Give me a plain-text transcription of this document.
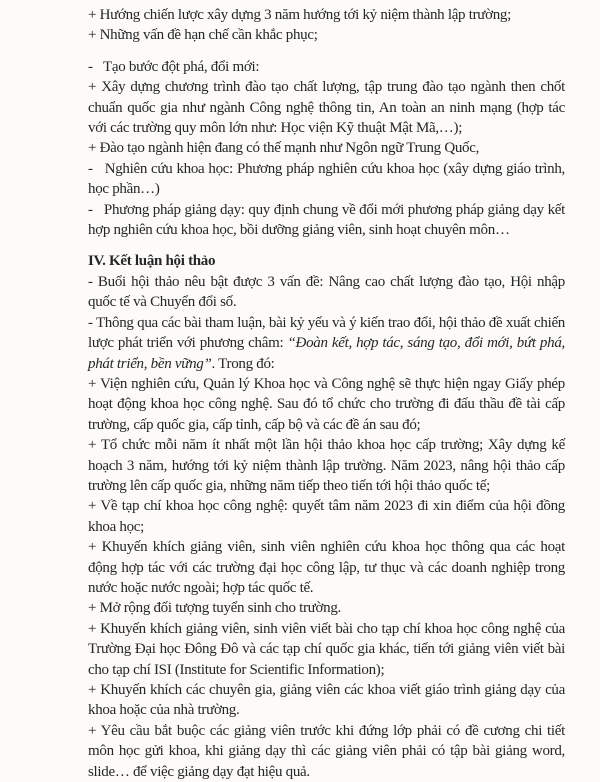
+ Hướng chiến lược xây dựng 3 năm hướng tới kỷ niệm thành lập trường;
+ Những vấn đề hạn chế cần khắc phục;
-   Tạo bước đột phá, đổi mới:
+ Xây dựng chương trình đào tạo chất lượng, tập trung đào tạo ngành then chốt chuẩn quốc gia như ngành Công nghệ thông tin, An toàn an ninh mạng (hợp tác với các trường quy môn lớn như: Học viện Kỹ thuật Mật Mã,…);
+ Đào tạo ngành hiện đang có thế mạnh như Ngôn ngữ Trung Quốc,
-   Nghiên cứu khoa học: Phương pháp nghiên cứu khoa học (xây dựng giáo trình, học phần…)
-   Phương pháp giảng dạy: quy định chung về đổi mới phương pháp giảng dạy kết hợp nghiên cứu khoa học, bồi dưỡng giảng viên, sinh hoạt chuyên môn…
IV. Kết luận hội thảo
- Buổi hội thảo nêu bật được 3 vấn đề: Nâng cao chất lượng đào tạo, Hội nhập quốc tế và Chuyển đổi số.
- Thông qua các bài tham luận, bài kỷ yếu và ý kiến trao đổi, hội thảo đề xuất chiến lược phát triển với phương châm: “Đoàn kết, hợp tác, sáng tạo, đổi mới, bứt phá, phát triển, bền vững”. Trong đó:
+ Viện nghiên cứu, Quản lý Khoa học và Công nghệ sẽ thực hiện ngay Giấy phép hoạt động khoa học công nghệ. Sau đó tổ chức cho trường đi đấu thầu đề tài cấp trường, cấp quốc gia, cấp tỉnh, cấp bộ và các đề án sau đó;
+ Tổ chức mỗi năm ít nhất một lần hội thảo khoa học cấp trường; Xây dựng kế hoạch 3 năm, hướng tới kỷ niệm thành lập trường. Năm 2023, nâng hội thảo cấp trường lên cấp quốc gia, những năm tiếp theo tiến tới hội thảo quốc tế;
+ Về tạp chí khoa học công nghệ: quyết tâm năm 2023 đi xin điểm của hội đồng khoa học;
+ Khuyến khích giảng viên, sinh viên nghiên cứu khoa học thông qua các hoạt động hợp tác với các trường đại học công lập, tư thục và các doanh nghiệp trong nước hoặc nước ngoài; hợp tác quốc tế.
+ Mở rộng đối tượng tuyển sinh cho trường.
+ Khuyến khích giảng viên, sinh viên viết bài cho tạp chí khoa học công nghệ của Trường Đại học Đông Đô và các tạp chí quốc gia khác, tiến tới giảng viên viết bài cho tạp chí ISI (Institute for Scientific Information);
+ Khuyến khích các chuyên gia, giảng viên các khoa viết giáo trình giảng dạy của khoa hoặc của nhà trường.
+ Yêu cầu bắt buộc các giảng viên trước khi đứng lớp phải có đề cương chi tiết môn học gửi khoa, khi giảng dạy thì các giảng viên phải có tập bài giảng word, slide… để việc giảng dạy đạt hiệu quả.
